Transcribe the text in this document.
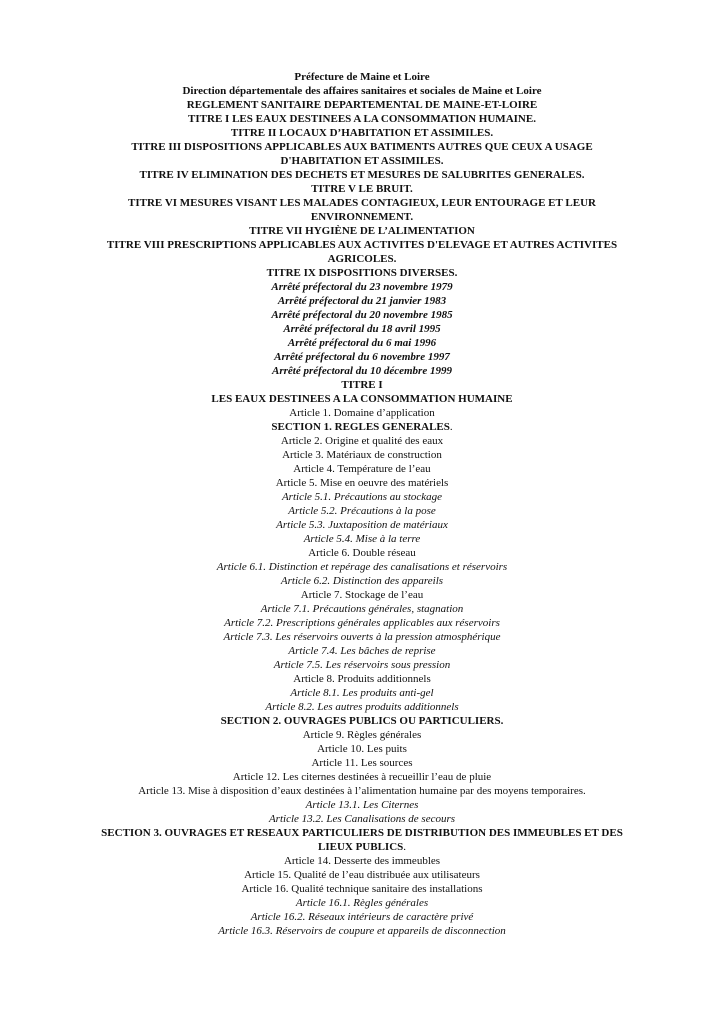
Préfecture de Maine et Loire
Direction départementale des affaires sanitaires et sociales de Maine et Loire
REGLEMENT SANITAIRE DEPARTEMENTAL DE MAINE-ET-LOIRE
TITRE I LES EAUX DESTINEES A LA CONSOMMATION HUMAINE.
TITRE II LOCAUX D’HABITATION ET ASSIMILES.
TITRE III DISPOSITIONS APPLICABLES AUX BATIMENTS AUTRES QUE CEUX A USAGE D'HABITATION ET ASSIMILES.
TITRE IV ELIMINATION DES DECHETS ET MESURES DE SALUBRITES GENERALES.
TITRE V LE BRUIT.
TITRE VI MESURES VISANT LES MALADES CONTAGIEUX, LEUR ENTOURAGE ET LEUR ENVIRONNEMENT.
TITRE VII HYGIÈNE DE L’ALIMENTATION
TITRE VIII PRESCRIPTIONS APPLICABLES AUX ACTIVITES D'ELEVAGE ET AUTRES ACTIVITES AGRICOLES.
TITRE IX DISPOSITIONS DIVERSES.
Arrêté préfectoral du 23 novembre 1979
Arrêté préfectoral du 21 janvier 1983
Arrêté préfectoral du 20 novembre 1985
Arrêté préfectoral du 18 avril 1995
Arrêté préfectoral du 6 mai 1996
Arrêté préfectoral du 6 novembre 1997
Arrêté préfectoral du 10 décembre 1999
TITRE I
LES EAUX DESTINEES A LA CONSOMMATION HUMAINE
Article 1. Domaine d’application
SECTION 1. REGLES GENERALES.
Article 2. Origine et qualité des eaux
Article 3. Matériaux de construction
Article 4. Température de l’eau
Article 5. Mise en oeuvre des matériels
Article 5.1. Précautions au stockage
Article 5.2. Précautions à la pose
Article 5.3. Juxtaposition de matériaux
Article 5.4. Mise à la terre
Article 6. Double réseau
Article 6.1. Distinction et repérage des canalisations et réservoirs
Article 6.2. Distinction des appareils
Article 7. Stockage de l’eau
Article 7.1. Précautions générales, stagnation
Article 7.2. Prescriptions générales applicables aux réservoirs
Article 7.3. Les réservoirs ouverts à la pression atmosphérique
Article 7.4. Les bâches de reprise
Article 7.5. Les réservoirs sous pression
Article 8. Produits additionnels
Article 8.1. Les produits anti-gel
Article 8.2. Les autres produits additionnels
SECTION 2. OUVRAGES PUBLICS OU PARTICULIERS.
Article 9. Règles générales
Article 10. Les puits
Article 11. Les sources
Article 12. Les citernes destinées à recueillir l’eau de pluie
Article 13. Mise à disposition d’eaux destinées à l’alimentation humaine par des moyens temporaires.
Article 13.1. Les Citernes
Article 13.2. Les Canalisations de secours
SECTION 3. OUVRAGES ET RESEAUX PARTICULIERS DE DISTRIBUTION DES IMMEUBLES ET DES LIEUX PUBLICS.
Article 14. Desserte des immeubles
Article 15. Qualité de l’eau distribuée aux utilisateurs
Article 16. Qualité technique sanitaire des installations
Article 16.1. Règles générales
Article 16.2. Réseaux intérieurs de caractère privé
Article 16.3. Réservoirs de coupure et appareils de disconnection
